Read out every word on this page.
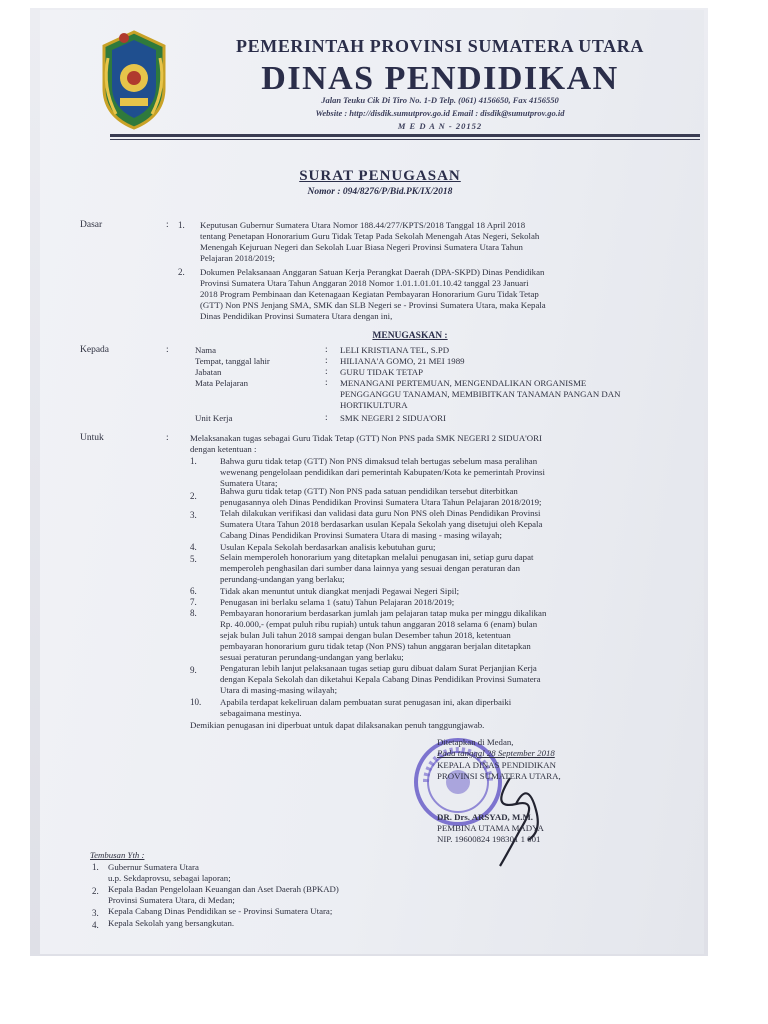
PEMERINTAH PROVINSI SUMATERA UTARA
DINAS PENDIDIKAN
Jalan Teuku Cik Di Tiro No. 1-D Telp. (061) 4156650, Fax 4156550
Website : http://disdik.sumutprov.go.id Email : disdik@sumutprov.go.id
M E D A N - 20152
SURAT PENUGASAN
Nomor : 094/8276/P/Bid.PK/IX/2018
Dasar	: 1. Keputusan Gubernur Sumatera Utara Nomor 188.44/277/KPTS/2018 Tanggal 18 April 2018
tentang Penetapan Honorarium Guru Tidak Tetap Pada Sekolah Menengah Atas Negeri, Sekolah
Menengah Kejuruan Negeri dan Sekolah Luar Biasa Negeri Provinsi Sumatera Utara Tahun
Pelajaran 2018/2019;
2. Dokumen Pelaksanaan Anggaran Satuan Kerja Perangkat Daerah (DPA-SKPD) Dinas Pendidikan
Provinsi Sumatera Utara Tahun Anggaran 2018 Nomor 1.01.1.01.01.10.42 tanggal 23 Januari
2018 Program Pembinaan dan Ketenagaan Kegiatan Pembayaran Honorarium Guru Tidak Tetap
(GTT) Non PNS Jenjang SMA, SMK dan SLB Negeri se - Provinsi Sumatera Utara, maka Kepala
Dinas Pendidikan Provinsi Sumatera Utara dengan ini,
MENUGASKAN :
Kepada	:	Nama	: LELI KRISTIANA TEL, S.PD
Tempat, tanggal lahir	: HILIANA'A GOMO, 21 MEI 1989
Jabatan	: GURU TIDAK TETAP
Mata Pelajaran	: MENANGANI PERTEMUAN, MENGENDALIKAN ORGANISME
PENGGANGGU TANAMAN, MEMBIBITKAN TANAMAN PANGAN DAN
HORTIKULTURA
Unit Kerja	: SMK NEGERI 2 SIDUA'ORI
Untuk	: Melaksanakan tugas sebagai Guru Tidak Tetap (GTT) Non PNS pada SMK NEGERI 2 SIDUA'ORI
dengan ketentuan :
1.	Bahwa guru tidak tetap (GTT) Non PNS dimaksud telah bertugas sebelum masa peralihan
wewenang pengelolaan pendidikan dari pemerintah Kabupaten/Kota ke pemerintah Provinsi
Sumatera Utara;
2.	Bahwa guru tidak tetap (GTT) Non PNS pada satuan pendidikan tersebut diterbitkan
penugasannya oleh Dinas Pendidikan Provinsi Sumatera Utara Tahun Pelajaran 2018/2019;
3.	Telah dilakukan verifikasi dan validasi data guru Non PNS oleh Dinas Pendidikan Provinsi
Sumatera Utara Tahun 2018 berdasarkan usulan Kepala Sekolah yang disetujui oleh Kepala
Cabang Dinas Pendidikan Provinsi Sumatera Utara di masing - masing wilayah;
4.	Usulan Kepala Sekolah berdasarkan analisis kebutuhan guru;
5.	Selain memperoleh honorarium yang ditetapkan melalui penugasan ini, setiap guru dapat
memperoleh penghasilan dari sumber dana lainnya yang sesuai dengan peraturan dan
perundang-undangan yang berlaku;
6.	Tidak akan menuntut untuk diangkat menjadi Pegawai Negeri Sipil;
7.	Penugasan ini berlaku selama 1 (satu) Tahun Pelajaran 2018/2019;
8.	Pembayaran honorarium berdasarkan jumlah jam pelajaran tatap muka per minggu dikalikan
Rp. 40.000,- (empat puluh ribu rupiah) untuk tahun anggaran 2018 selama 6 (enam) bulan
sejak bulan Juli tahun 2018 sampai dengan bulan Desember tahun 2018, ketentuan
pembayaran honorarium guru tidak tetap (Non PNS) tahun anggaran berjalan ditetapkan
sesuai peraturan perundang-undangan yang berlaku;
9.	Pengaturan lebih lanjut pelaksanaan tugas setiap guru dibuat dalam Surat Perjanjian Kerja
dengan Kepala Sekolah dan diketahui Kepala Cabang Dinas Pendidikan Provinsi Sumatera
Utara di masing-masing wilayah;
10. Apabila terdapat kekeliruan dalam pembuatan surat penugasan ini, akan diperbaiki
sebagaimana mestinya.
Demikian penugasan ini diperbuat untuk dapat dilaksanakan penuh tanggungjawab.
Ditetapkan di Medan,
Pada tanggal 28 September 2018
KEPALA DINAS PENDIDIKAN
PROVINSI SUMATERA UTARA,
DR. Drs. ARSYAD, M.M.
PEMBINA UTAMA MADYA
NIP. 19600824 198301 1 001
Tembusan Yth :
1. Gubernur Sumatera Utara
u.p. Sekdaprovsu, sebagai laporan;
2. Kepala Badan Pengelolaan Keuangan dan Aset Daerah (BPKAD)
Provinsi Sumatera Utara, di Medan;
3. Kepala Cabang Dinas Pendidikan se - Provinsi Sumatera Utara;
4. Kepala Sekolah yang bersangkutan.
